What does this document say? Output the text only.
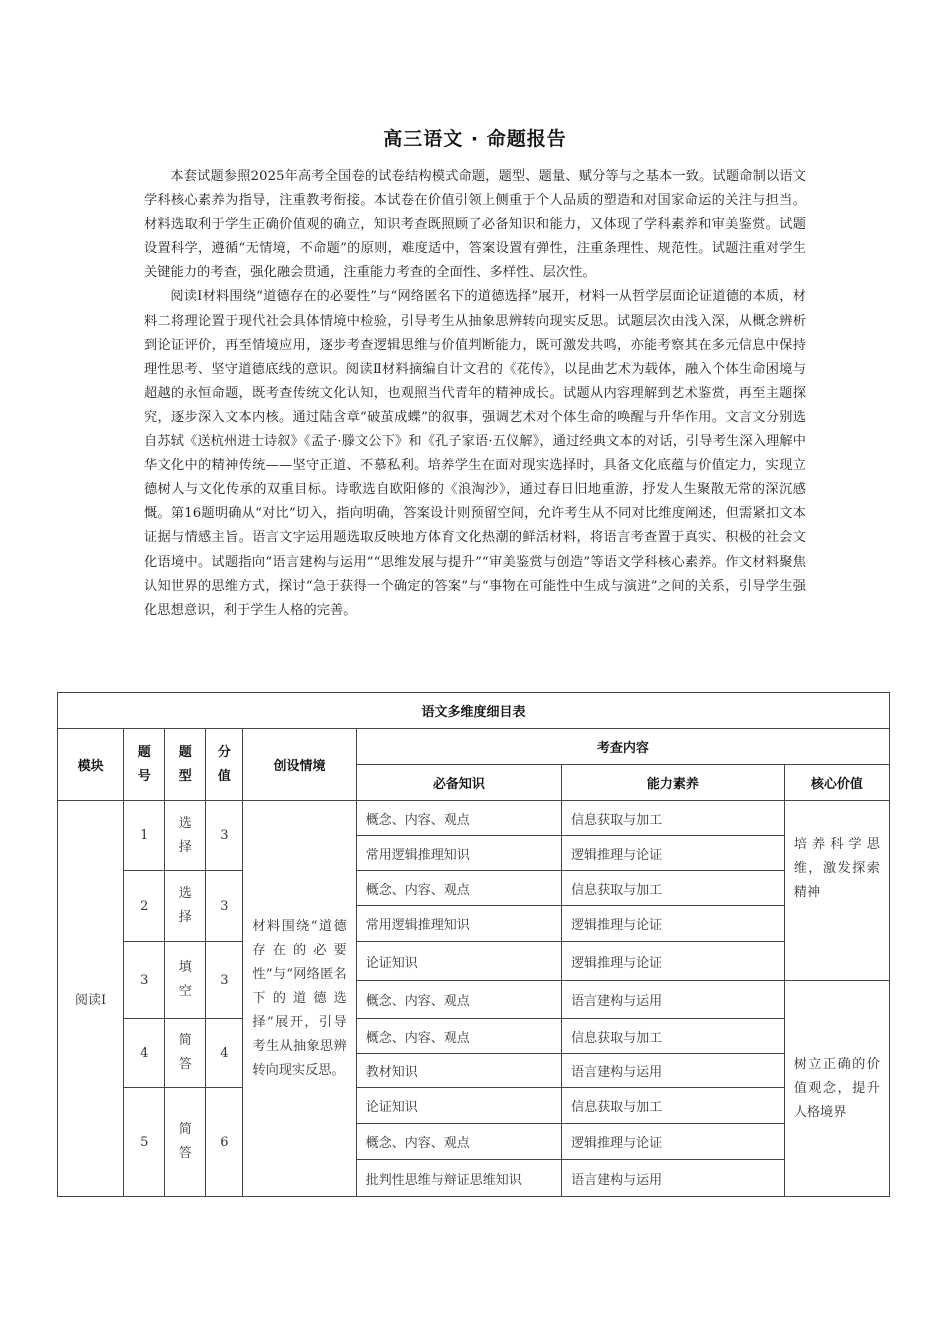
高三语文 · 命题报告

本套试题参照2025年高考全国卷的试卷结构模式命题，题型、题量、赋分等与之基本一致。试题命制以语文学科核心素养为指导，注重教考衔接。本试卷在价值引领上侧重于个人品质的塑造和对国家命运的关注与担当。材料选取利于学生正确价值观的确立，知识考查既照顾了必备知识和能力，又体现了学科素养和审美鉴赏。试题设置科学，遵循“无情境，不命题”的原则，难度适中，答案设置有弹性，注重条理性、规范性。试题注重对学生关键能力的考查，强化融会贯通，注重能力考查的全面性、多样性、层次性。

阅读Ⅰ材料围绕“道德存在的必要性”与“网络匿名下的道德选择”展开，材料一从哲学层面论证道德的本质，材料二将理论置于现代社会具体情境中检验，引导考生从抽象思辨转向现实反思。试题层次由浅入深，从概念辨析到论证评价，再至情境应用，逐步考查逻辑思维与价值判断能力，既可激发共鸣，亦能考察其在多元信息中保持理性思考、坚守道德底线的意识。阅读Ⅱ材料摘编自计文君的《花传》，以昆曲艺术为载体，融入个体生命困境与超越的永恒命题，既考查传统文化认知，也观照当代青年的精神成长。试题从内容理解到艺术鉴赏，再至主题探究，逐步深入文本内核。通过陆含章“破茧成蝶”的叙事，强调艺术对个体生命的唤醒与升华作用。文言文分别选自苏轼《送杭州进士诗叙》《孟子·滕文公下》和《孔子家语·五仪解》，通过经典文本的对话，引导考生深入理解中华文化中的精神传统——坚守正道、不慕私利。培养学生在面对现实选择时，具备文化底蕴与价值定力，实现立德树人与文化传承的双重目标。诗歌选自欧阳修的《浪淘沙》，通过春日旧地重游，抒发人生聚散无常的深沉感慨。第16题明确从“对比”切入，指向明确，答案设计则预留空间，允许考生从不同对比维度阐述，但需紧扣文本证据与情感主旨。语言文字运用题选取反映地方体育文化热潮的鲜活材料，将语言考查置于真实、积极的社会文化语境中。试题指向“语言建构与运用”“思维发展与提升”“审美鉴赏与创造”等语文学科核心素养。作文材料聚焦认知世界的思维方式，探讨“急于获得一个确定的答案”与“事物在可能性中生成与演进”之间的关系，引导学生强化思想意识，利于学生人格的完善。

语文多维度细目表							
模块	题号	题型	分值	创设情境	考查内容		
					必备知识	能力素养	核心价值
阅读Ⅰ	1	选择	3	材料围绕“道德存在的必要性”与“网络匿名下的道德选择”展开，引导考生从抽象思辨转向现实反思。	概念、内容、观点	信息获取与加工	培养科学思维，激发探索精神
					常用逻辑推理知识	逻辑推理与论证	
	2	选择	3		概念、内容、观点	信息获取与加工	
					常用逻辑推理知识	逻辑推理与论证	
	3	填空	3		论证知识	逻辑推理与论证	
					概念、内容、观点	语言建构与运用	树立正确的价值观念，提升人格境界
	4	简答	4		概念、内容、观点	信息获取与加工	
					教材知识	语言建构与运用	
	5	简答	6		论证知识	信息获取与加工	
					概念、内容、观点	逻辑推理与论证	
					批判性思维与辩证思维知识	语言建构与运用	
